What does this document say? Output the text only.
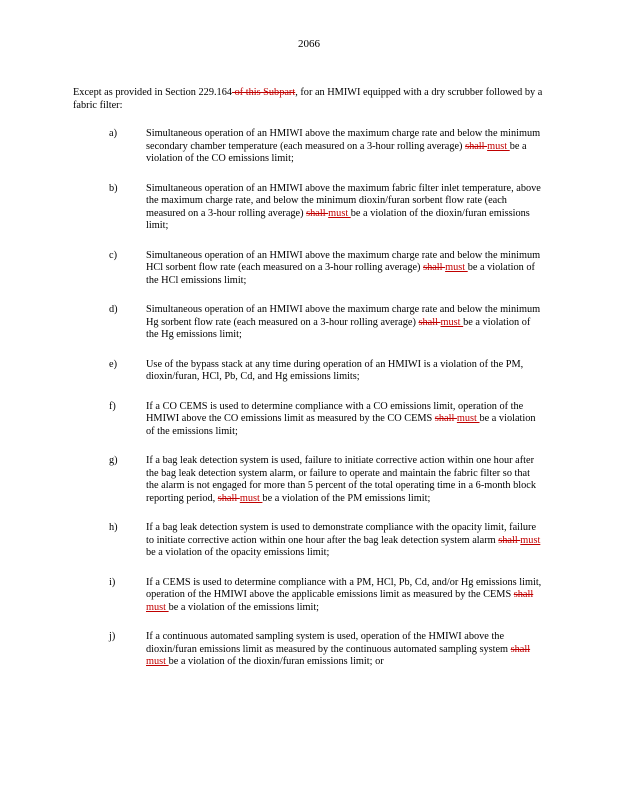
2066
Except as provided in Section 229.164 of this Subpart, for an HMIWI equipped with a dry scrubber followed by a fabric filter:
a)	Simultaneous operation of an HMIWI above the maximum charge rate and below the minimum secondary chamber temperature (each measured on a 3-hour rolling average) shall must be a violation of the CO emissions limit;
b)	Simultaneous operation of an HMIWI above the maximum fabric filter inlet temperature, above the maximum charge rate, and below the minimum dioxin/furan sorbent flow rate (each measured on a 3-hour rolling average) shall must be a violation of the dioxin/furan emissions limit;
c)	Simultaneous operation of an HMIWI above the maximum charge rate and below the minimum HCl sorbent flow rate (each measured on a 3-hour rolling average) shall must be a violation of the HCl emissions limit;
d)	Simultaneous operation of an HMIWI above the maximum charge rate and below the minimum Hg sorbent flow rate (each measured on a 3-hour rolling average) shall must be a violation of the Hg emissions limit;
e)	Use of the bypass stack at any time during operation of an HMIWI is a violation of the PM, dioxin/furan, HCl, Pb, Cd, and Hg emissions limits;
f)	If a CO CEMS is used to determine compliance with a CO emissions limit, operation of the HMIWI above the CO emissions limit as measured by the CO CEMS shall must be a violation of the emissions limit;
g)	If a bag leak detection system is used, failure to initiate corrective action within one hour after the bag leak detection system alarm, or failure to operate and maintain the fabric filter so that the alarm is not engaged for more than 5 percent of the total operating time in a 6-month block reporting period, shall must be a violation of the PM emissions limit;
h)	If a bag leak detection system is used to demonstrate compliance with the opacity limit, failure to initiate corrective action within one hour after the bag leak detection system alarm shall must be a violation of the opacity emissions limit;
i)	If a CEMS is used to determine compliance with a PM, HCl, Pb, Cd, and/or Hg emissions limit, operation of the HMIWI above the applicable emissions limit as measured by the CEMS shall must be a violation of the emissions limit;
j)	If a continuous automated sampling system is used, operation of the HMIWI above the dioxin/furan emissions limit as measured by the continuous automated sampling system shall must be a violation of the dioxin/furan emissions limit; or
